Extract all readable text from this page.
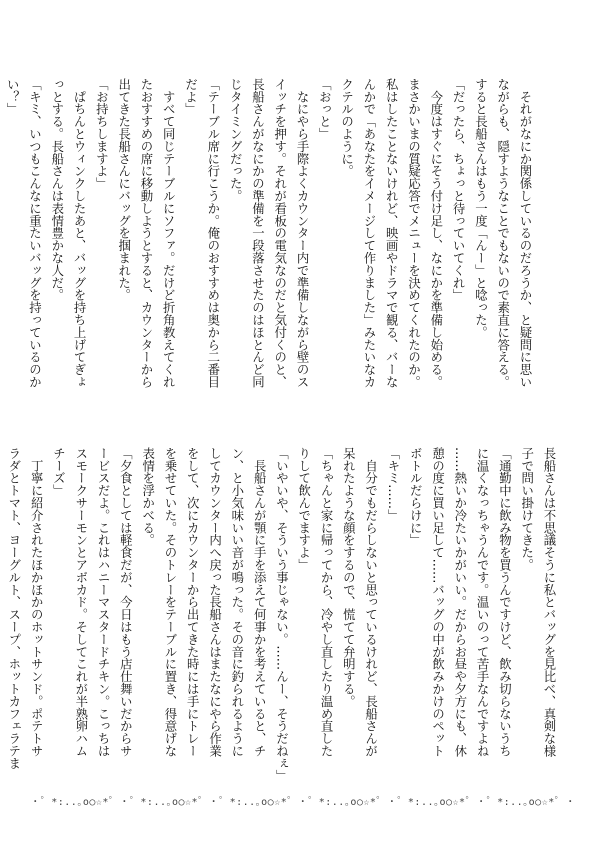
　それがなにか関係しているのだろうか、と疑問に思い
ながらも、隠すようなことでもないので素直に答える。
すると長船さんはもう一度「んー」と唸った。
「だったら、ちょっと待っていてくれ」
　今度はすぐにそう付け足し、なにかを準備し始める。
まさかいまの質疑応答でメニューを決めてくれたのか。
私はしたことないけれど、映画やドラマで観る、バーな
んかで「あなたをイメージして作りました」みたいなカ
クテルのように。
「おっと」
　なにやら手際よくカウンター内で準備しながら壁のス
イッチを押す。それが看板の電気なのだと気付くのと、
長船さんがなにかの準備を一段落させたのはほとんど同
じタイミングだった。
「テーブル席に行こうか。俺のおすすめは奥から二番目
だよ」
　すべて同じテーブルにソファ。だけど折角教えてくれ
たおすすめの席に移動しようとすると、カウンターから
出てきた長船さんにバッグを掴まれた。
「お持ちしますよ」
　ぱちんとウィンクしたあと、バッグを持ち上げてぎょ
っとする。長船さんは表情豊かな人だ。
「キミ、いつもこんなに重たいバッグを持っているのか
い？」
長船さんは不思議そうに私とバッグを見比べ、真剣な様
子で問い掛けてきた。
「通勤中に飲み物を買うんですけど、飲み切らないうち
に温くなっちゃうんです。温いのって苦手なんですよね
……熱いか冷たいかがいい。だからお昼や夕方にも、休
憩の度に買い足して……バッグの中が飲みかけのペット
ボトルだらけに」
「キミ……」
　自分でもだらしないと思っているけれど、長船さんが
呆れたような顔をするので、慌てて弁明する。
「ちゃんと家に帰ってから、冷やし直したり温め直した
りして飲んでますよ」
「いやいや、そういう事じゃない。……んー、そうだねぇ」
　長船さんが顎に手を添えて何事かを考えていると、チ
ン、と小気味いい音が鳴った。その音に釣られるように
してカウンター内へ戻った長船さんはまたなにやら作業
をして、次にカウンターから出てきた時には手にトレー
を乗せていた。そのトレーをテーブルに置き、得意げな
表情を浮かべる。
「夕食としては軽食だが、今日はもう店仕舞いだからサ
ービスだよ。これはハニーマスタードチキン。こっちは
スモークサーモンとアボカド。そしてこれが半熟卵ハム
チーズ」
　丁寧に紹介されたほかほかのホットサンド。ポテトサ
ラダとトマト、ヨーグルト、スープ、ホットカフェラテま
・゜*:..｡o○☆*゜・゜*:..｡o○☆*゜・゜*:..｡o○☆*゜・゜*:..｡o○☆*゜・゜*:..｡o○☆*゜・゜*:..｡o○☆*゜・
